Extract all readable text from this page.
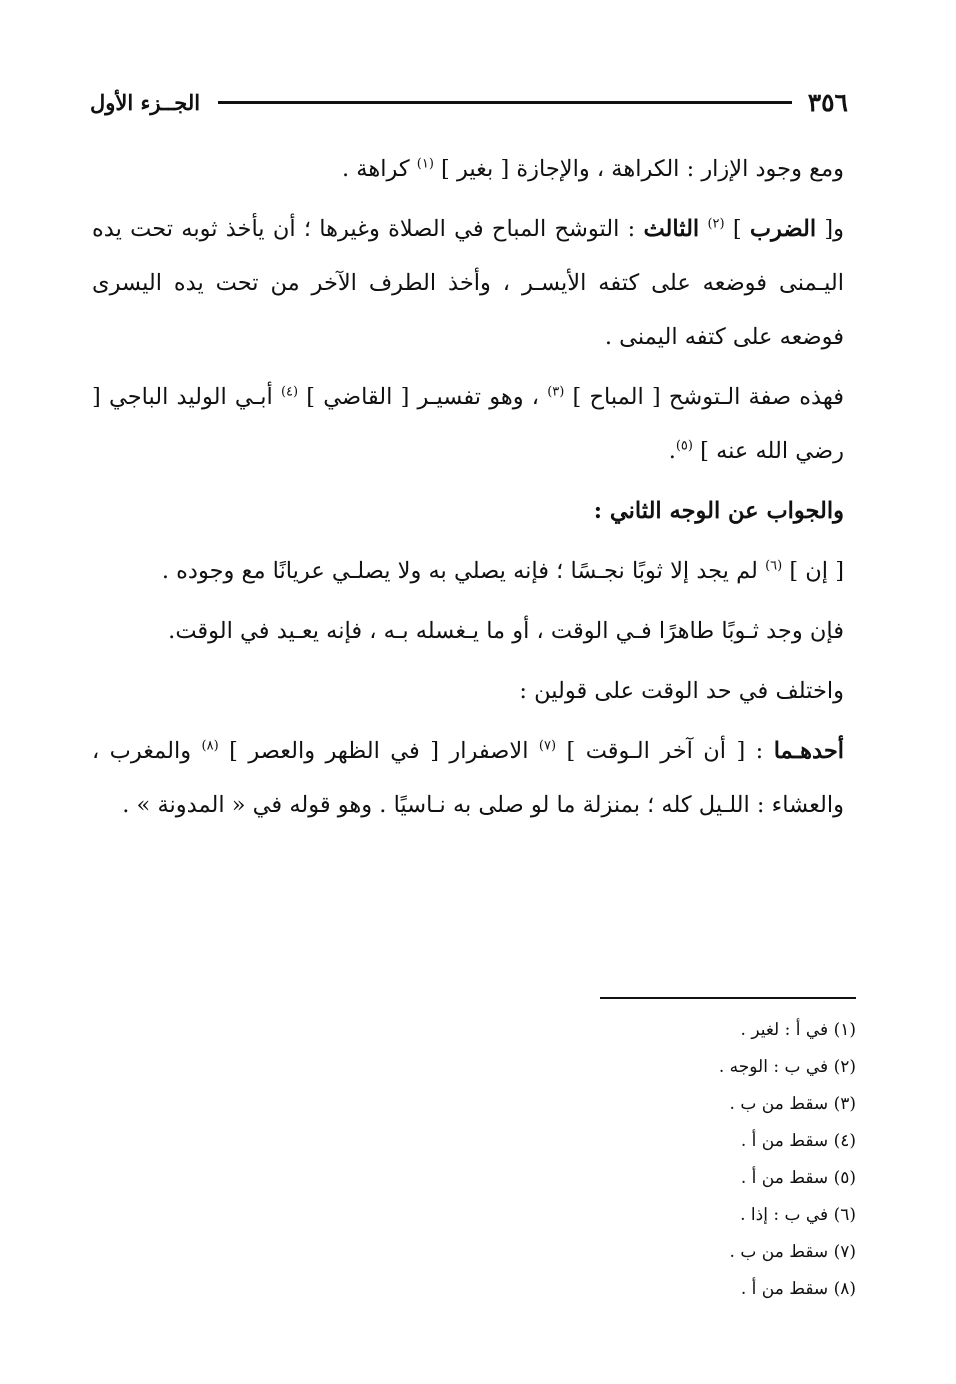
٣٥٦
الجــزء الأول

ومع وجود الإزار : الكراهة ، والإجازة [ بغير ] $^{(١)}$ كراهة .

و[ الضرب ] $^{(٢)}$ الثالث : التوشح المباح في الصلاة وغيرها ؛ أن يأخذ ثوبه تحت يده اليـمنى فوضعه على كتفه الأيسـر ، وأخذ الطرف الآخر من تحت يده اليسرى فوضعه على كتفه اليمنى .

فهذه صفة الـتوشح [ المباح ] $^{(٣)}$ ، وهو تفسيـر [ القاضي ] $^{(٤)}$ أبـي الوليد الباجي [ رضي الله عنه ] $^{(٥)}$.

والجواب عن الوجه الثاني :

[ إن ] $^{(٦)}$ لم يجد إلا ثوبًا نجـسًا ؛ فإنه يصلي به ولا يصلـي عريانًا مع وجوده .

فإن وجد ثـوبًا طاهرًا فـي الوقت ، أو ما يـغسله بـه ، فإنه يعـيد في الوقت.

واختلف في حد الوقت على قولين :

أحدهـما : [ أن آخر الـوقت ] $^{(٧)}$ الاصفرار [ في الظهر والعصر ] $^{(٨)}$ والمغرب ، والعشاء : اللـيل كله ؛ بمنزلة ما لو صلى به نـاسيًا . وهو قوله في « المدونة » .

(١) في أ : لغير .
(٢) في ب : الوجه .
(٣) سقط من ب .
(٤) سقط من أ .
(٥) سقط من أ .
(٦) في ب : إذا .
(٧) سقط من ب .
(٨) سقط من أ .
